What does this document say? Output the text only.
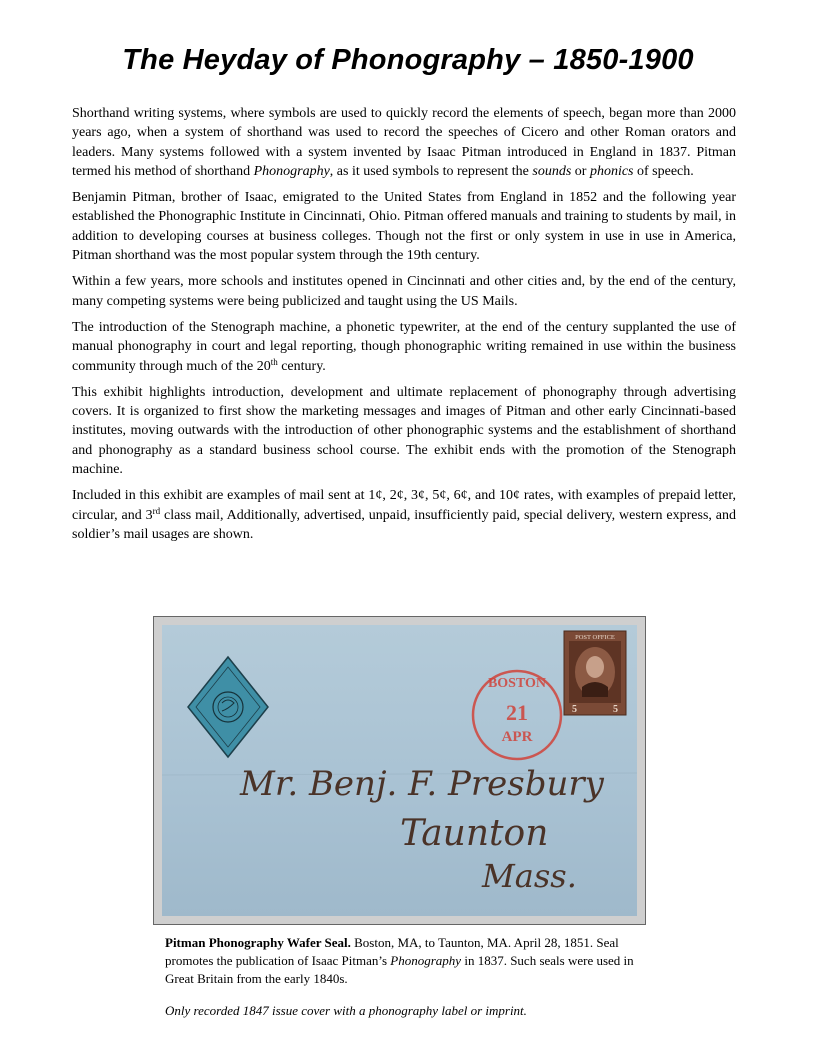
The Heyday of Phonography – 1850-1900

Shorthand writing systems, where symbols are used to quickly record the elements of speech, began more than 2000 years ago, when a system of shorthand was used to record the speeches of Cicero and other Roman orators and leaders. Many systems followed with a system invented by Isaac Pitman introduced in England in 1837. Pitman termed his method of shorthand Phonography, as it used symbols to represent the sounds or phonics of speech.

Benjamin Pitman, brother of Isaac, emigrated to the United States from England in 1852 and the following year established the Phonographic Institute in Cincinnati, Ohio. Pitman offered manuals and training to students by mail, in addition to developing courses at business colleges. Though not the first or only system in use in use in America, Pitman shorthand was the most popular system through the 19th century.

Within a few years, more schools and institutes opened in Cincinnati and other cities and, by the end of the century, many competing systems were being publicized and taught using the US Mails.

The introduction of the Stenograph machine, a phonetic typewriter, at the end of the century supplanted the use of manual phonography in court and legal reporting, though phonographic writing remained in use within the business community through much of the 20th century.

This exhibit highlights introduction, development and ultimate replacement of phonography through advertising covers. It is organized to first show the marketing messages and images of Pitman and other early Cincinnati-based institutes, moving outwards with the introduction of other phonographic systems and the establishment of shorthand and phonography as a standard business school course. The exhibit ends with the promotion of the Stenograph machine.

Included in this exhibit are examples of mail sent at 1¢, 2¢, 3¢, 5¢, 6¢, and 10¢ rates, with examples of prepaid letter, circular, and 3rd class mail, Additionally, advertised, unpaid, insufficiently paid, special delivery, western express, and soldier’s mail usages are shown.

BOSTON
21
APR
POST OFFICE
5	5
Mr. Benj. F. Presbury
Taunton
Mass.
Pitman Phonography Wafer Seal. Boston, MA, to Taunton, MA. April 28, 1851. Seal promotes the publication of Isaac Pitman’s Phonography in 1837. Such seals were used in Great Britain from the early 1840s.
Only recorded 1847 issue cover with a phonography label or imprint.
